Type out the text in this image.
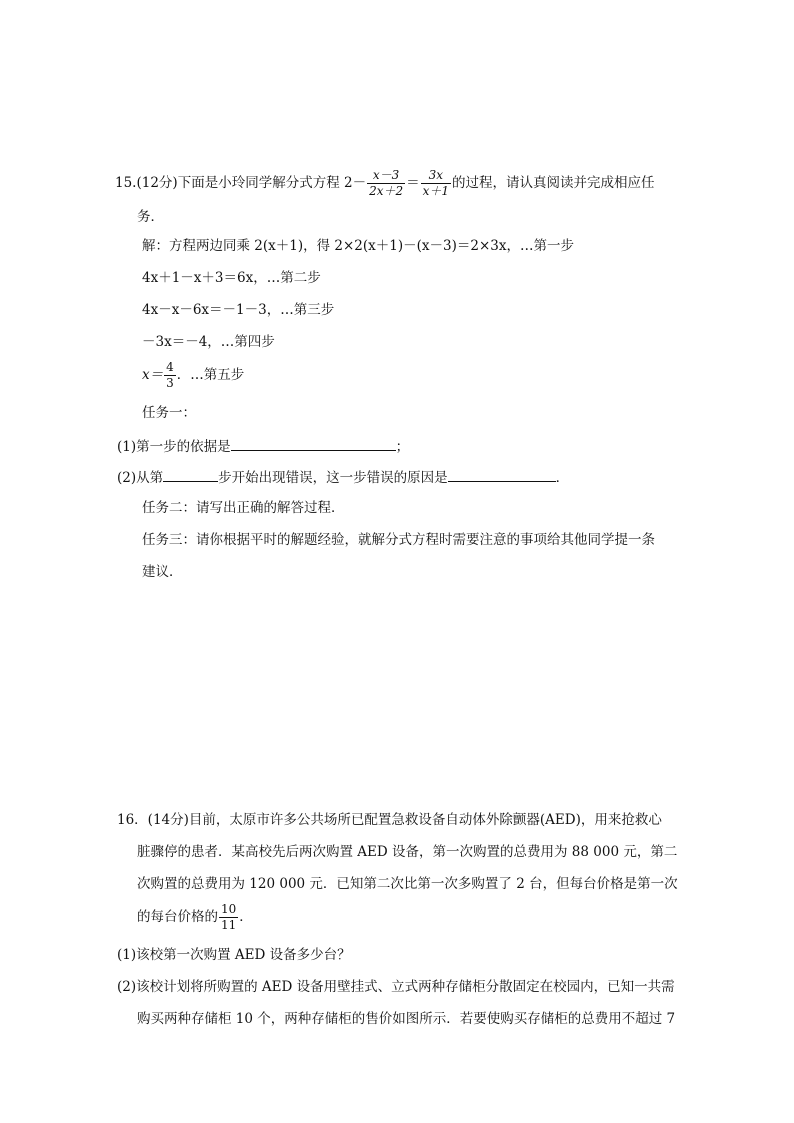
15.(12分)下面是小玲同学解分式方程 $2- \frac{x-3}{2x+2} = \frac{3x}{x+1}$ 的过程，请认真阅读并完成相应任
务．
解：方程两边同乘 2(x＋1)，得 2×2(x＋1)－(x－3)＝2×3x，…第一步
4x＋1－x＋3＝6x，…第二步
4x－x－6x＝－1－3，…第三步
－3x＝－4，…第四步
$x= \frac{4}{3}$ ．…第五步
任务一：
(1)第一步的依据是	；
(2)从第	步开始出现错误，这一步错误的原因是	．
任务二：请写出正确的解答过程．
任务三：请你根据平时的解题经验，就解分式方程时需要注意的事项给其他同学提一条
建议．
16．(14分)目前，太原市许多公共场所已配置急救设备自动体外除颤器(AED)，用来抢救心
脏骤停的患者．某高校先后两次购置 AED 设备，第一次购置的总费用为 88 000 元，第二
次购置的总费用为 120 000 元．已知第二次比第一次多购置了 2 台，但每台价格是第一次
的每台价格的 $\frac{10}{11}$ ．
(1)该校第一次购置 AED 设备多少台？
(2)该校计划将所购置的 AED 设备用壁挂式、立式两种存储柜分散固定在校园内，已知一共需
购买两种存储柜 10 个，两种存储柜的售价如图所示．若要使购买存储柜的总费用不超过 7
